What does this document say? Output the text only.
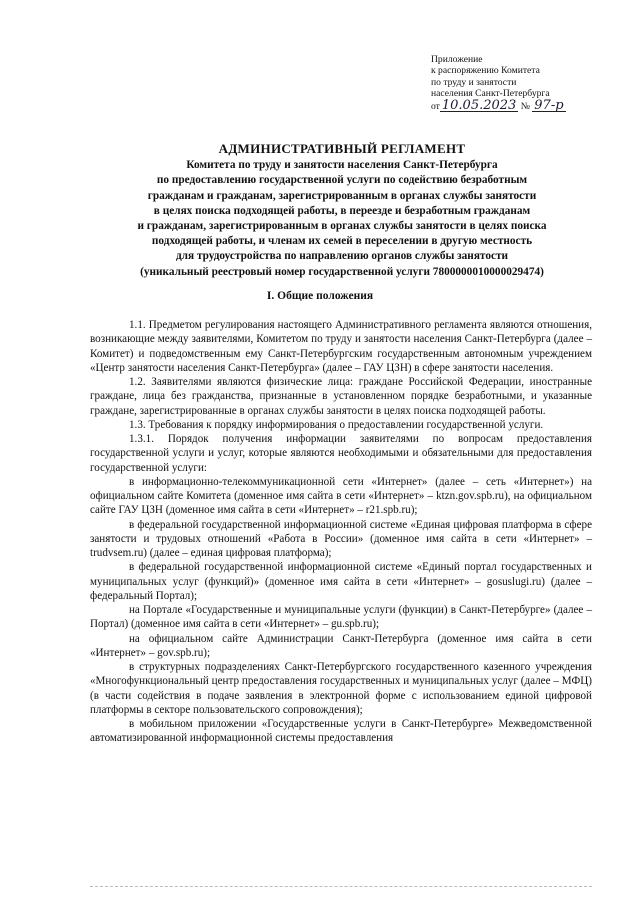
Приложение
к распоряжению Комитета
по труду и занятости
населения Санкт-Петербурга
от 10.05.2023 № 97-р
АДМИНИСТРАТИВНЫЙ РЕГЛАМЕНТ
Комитета по труду и занятости населения Санкт-Петербурга
по предоставлению государственной услуги по содействию безработным
гражданам и гражданам, зарегистрированным в органах службы занятости
в целях поиска подходящей работы, в переезде и безработным гражданам
и гражданам, зарегистрированным в органах службы занятости в целях поиска
подходящей работы, и членам их семей в переселении в другую местность
для трудоустройства по направлению органов службы занятости
(уникальный реестровый номер государственной услуги 7800000010000029474)
I. Общие положения

1.1. Предметом регулирования настоящего Административного регламента являются отношения, возникающие между заявителями, Комитетом по труду и занятости населения Санкт-Петербурга (далее – Комитет) и подведомственным ему Санкт-Петербургским государственным автономным учреждением «Центр занятости населения Санкт-Петербурга» (далее – ГАУ ЦЗН) в сфере занятости населения.

1.2. Заявителями являются физические лица: граждане Российской Федерации, иностранные граждане, лица без гражданства, признанные в установленном порядке безработными, и указанные граждане, зарегистрированные в органах службы занятости в целях поиска подходящей работы.

1.3. Требования к порядку информирования о предоставлении государственной услуги.

1.3.1. Порядок получения информации заявителями по вопросам предоставления государственной услуги и услуг, которые являются необходимыми и обязательными для предоставления государственной услуги:

в информационно-телекоммуникационной сети «Интернет» (далее – сеть «Интернет») на официальном сайте Комитета (доменное имя сайта в сети «Интернет» – ktzn.gov.spb.ru), на официальном сайте ГАУ ЦЗН (доменное имя сайта в сети «Интернет» – r21.spb.ru);

в федеральной государственной информационной системе «Единая цифровая платформа в сфере занятости и трудовых отношений «Работа в России» (доменное имя сайта в сети «Интернет» – trudvsem.ru) (далее – единая цифровая платформа);

в федеральной государственной информационной системе «Единый портал государственных и муниципальных услуг (функций)» (доменное имя сайта в сети «Интернет» – gosuslugi.ru) (далее – федеральный Портал);

на Портале «Государственные и муниципальные услуги (функции) в Санкт-Петербурге» (далее – Портал) (доменное имя сайта в сети «Интернет» – gu.spb.ru);

на официальном сайте Администрации Санкт-Петербурга (доменное имя сайта в сети «Интернет» – gov.spb.ru);

в структурных подразделениях Санкт-Петербургского государственного казенного учреждения «Многофункциональный центр предоставления государственных и муниципальных услуг (далее – МФЦ) (в части содействия в подаче заявления в электронной форме с использованием единой цифровой платформы в секторе пользовательского сопровождения);

в мобильном приложении «Государственные услуги в Санкт-Петербурге» Межведомственной автоматизированной информационной системы предоставления
